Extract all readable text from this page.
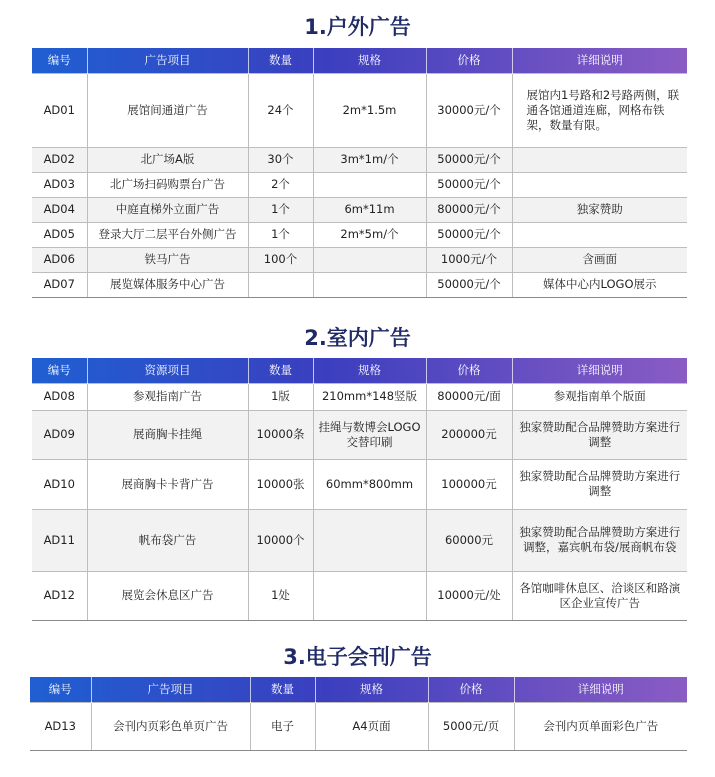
1.户外广告
编号	广告项目	数量	规格	价格	详细说明
AD01	展馆间通道广告	24个	2m*1.5m	30000元/个	展馆内1号路和2号路两侧，联通各馆通道连廊，网格布铁架，数量有限。
AD02	北广场A版	30个	3m*1m/个	50000元/个	
AD03	北广场扫码购票台广告	2个		50000元/个	
AD04	中庭直梯外立面广告	1个	6m*11m	80000元/个	独家赞助
AD05	登录大厅二层平台外侧广告	1个	2m*5m/个	50000元/个	
AD06	铁马广告	100个		1000元/个	含画面
AD07	展览媒体服务中心广告			50000元/个	媒体中心内LOGO展示
2.室内广告
编号	资源项目	数量	规格	价格	详细说明
AD08	参观指南广告	1版	210mm*148竖版	80000元/面	参观指南单个版面
AD09	展商胸卡挂绳	10000条	挂绳与数博会LOGO交替印刷	200000元	独家赞助配合品牌赞助方案进行调整
AD10	展商胸卡卡背广告	10000张	60mm*800mm	100000元	独家赞助配合品牌赞助方案进行调整
AD11	帆布袋广告	10000个		60000元	独家赞助配合品牌赞助方案进行调整，嘉宾帆布袋/展商帆布袋
AD12	展览会休息区广告	1处		10000元/处	各馆咖啡休息区、洽谈区和路演区企业宣传广告
3.电子会刊广告
编号	广告项目	数量	规格	价格	详细说明
AD13	会刊内页彩色单页广告	电子	A4页面	5000元/页	会刊内页单面彩色广告
